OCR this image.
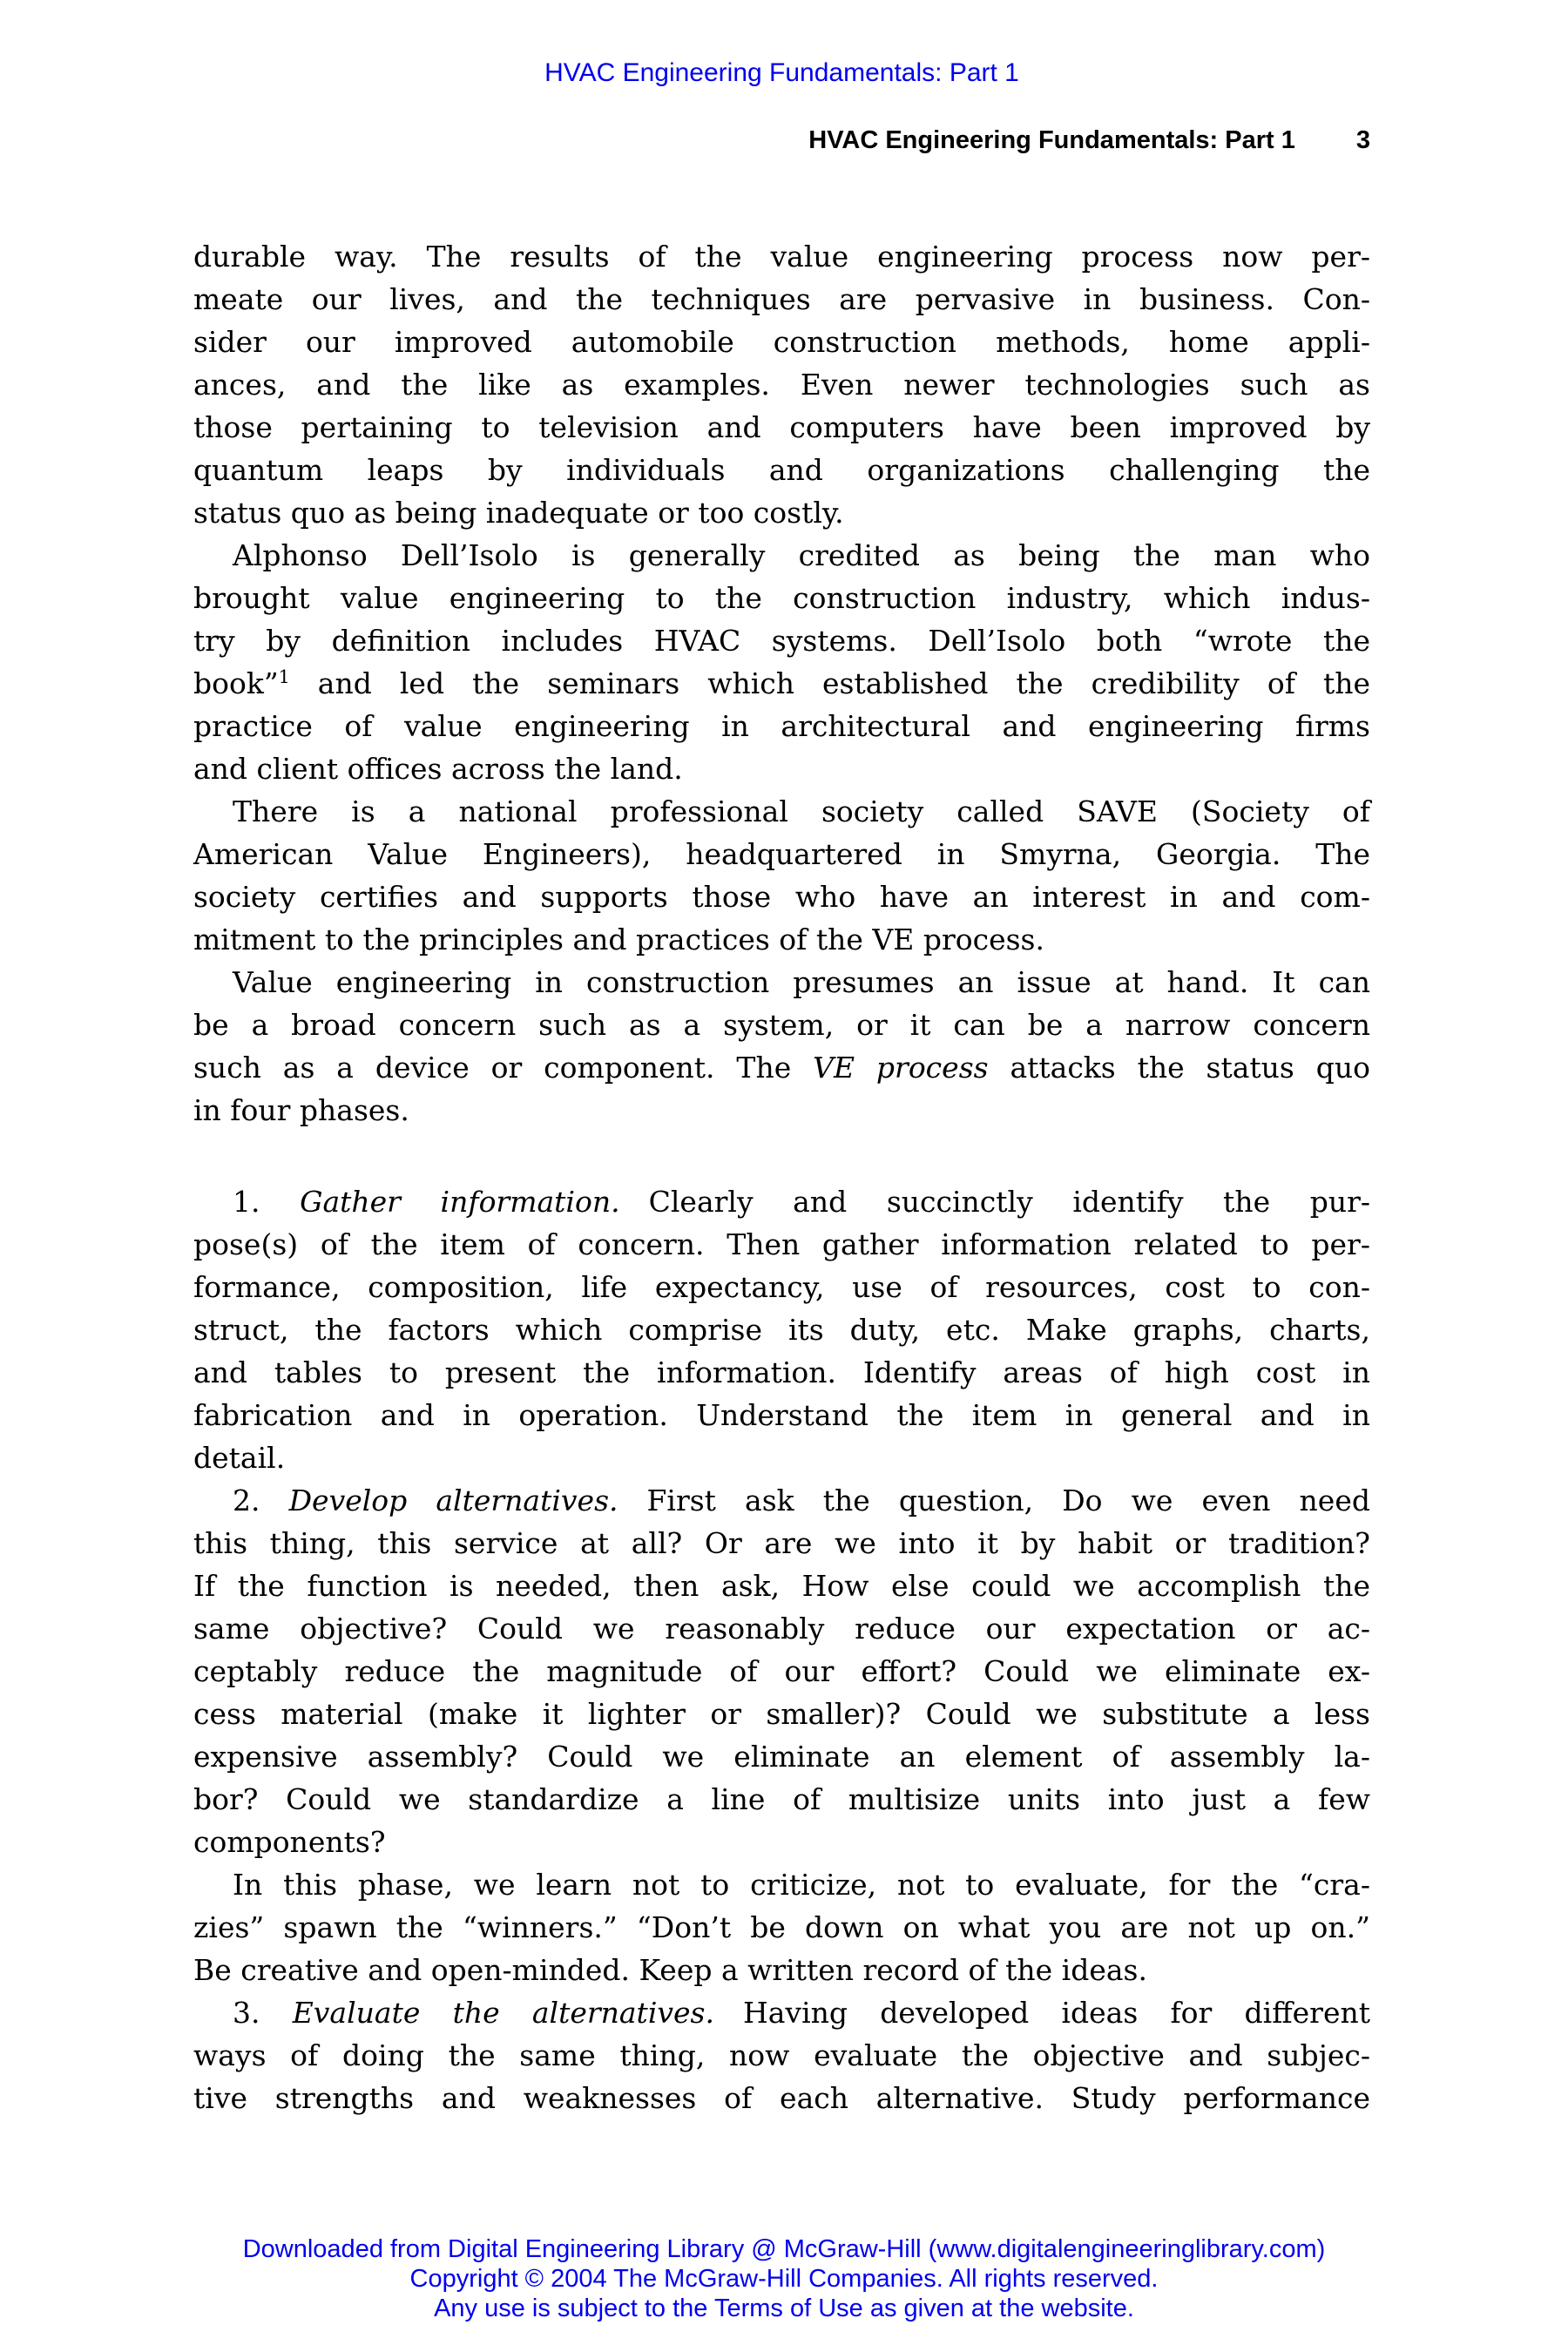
HVAC Engineering Fundamentals: Part 1
HVAC Engineering Fundamentals: Part 1 3
durable way. The results of the value engineering process now per-
meate our lives, and the techniques are pervasive in business. Con-
sider our improved automobile construction methods, home appli-
ances, and the like as examples. Even newer technologies such as
those pertaining to television and computers have been improved by
quantum leaps by individuals and organizations challenging the
status quo as being inadequate or too costly.
Alphonso Dell’Isolo is generally credited as being the man who
brought value engineering to the construction industry, which indus-
try by definition includes HVAC systems. Dell’Isolo both “wrote the
book”$^1$ and led the seminars which established the credibility of the
practice of value engineering in architectural and engineering firms
and client offices across the land.
There is a national professional society called SAVE (Society of
American Value Engineers), headquartered in Smyrna, Georgia. The
society certifies and supports those who have an interest in and com-
mitment to the principles and practices of the VE process.
Value engineering in construction presumes an issue at hand. It can
be a broad concern such as a system, or it can be a narrow concern
such as a device or component. The VE process attacks the status quo
in four phases.
1. Gather information. Clearly and succinctly identify the pur-
pose(s) of the item of concern. Then gather information related to per-
formance, composition, life expectancy, use of resources, cost to con-
struct, the factors which comprise its duty, etc. Make graphs, charts,
and tables to present the information. Identify areas of high cost in
fabrication and in operation. Understand the item in general and in
detail.
2. Develop alternatives. First ask the question, Do we even need
this thing, this service at all? Or are we into it by habit or tradition?
If the function is needed, then ask, How else could we accomplish the
same objective? Could we reasonably reduce our expectation or ac-
ceptably reduce the magnitude of our effort? Could we eliminate ex-
cess material (make it lighter or smaller)? Could we substitute a less
expensive assembly? Could we eliminate an element of assembly la-
bor? Could we standardize a line of multisize units into just a few
components?
In this phase, we learn not to criticize, not to evaluate, for the “cra-
zies” spawn the “winners.” “Don’t be down on what you are not up on.”
Be creative and open-minded. Keep a written record of the ideas.
3. Evaluate the alternatives. Having developed ideas for different
ways of doing the same thing, now evaluate the objective and subjec-
tive strengths and weaknesses of each alternative. Study performance
Downloaded from Digital Engineering Library @ McGraw-Hill (www.digitalengineeringlibrary.com)
Copyright © 2004 The McGraw-Hill Companies. All rights reserved.
Any use is subject to the Terms of Use as given at the website.
